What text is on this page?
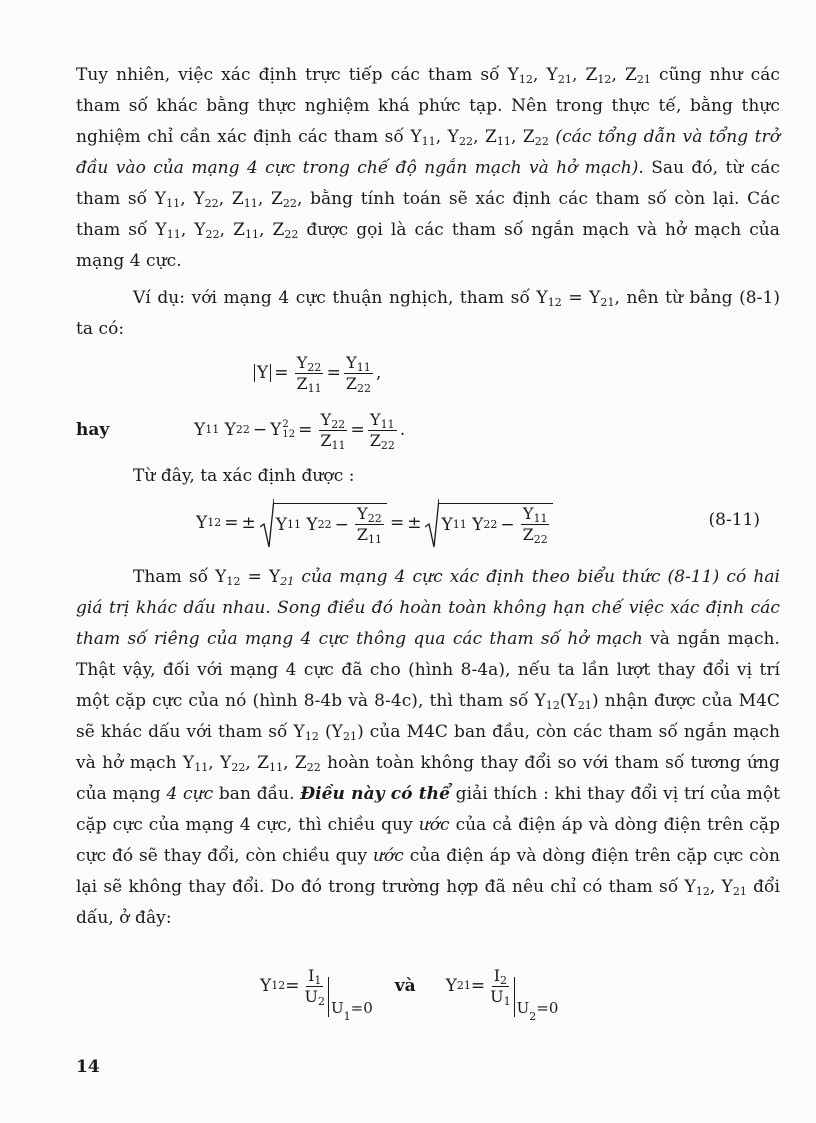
Tuy nhiên, việc xác định trực tiếp các tham số $Y_{12}$, $Y_{21}$, $Z_{12}$, $Z_{21}$ cũng như các tham số khác bằng thực nghiệm khá phức tạp. Nên trong thực tế, bằng thực nghiệm chỉ cần xác định các tham số $Y_{11}$, $Y_{22}$, $Z_{11}$, $Z_{22}$ (các tổng dẫn và tổng trở đầu vào của mạng 4 cực trong chế độ ngắn mạch và hở mạch). Sau đó, từ các tham số $Y_{11}$, $Y_{22}$, $Z_{11}$, $Z_{22}$, bằng tính toán sẽ xác định các tham số còn lại. Các tham số $Y_{11}$, $Y_{22}$, $Z_{11}$, $Z_{22}$ được gọi là các tham số ngắn mạch và hở mạch của mạng 4 cực.

Ví dụ: với mạng 4 cực thuận nghịch, tham số $Y_{12} = Y_{21}$, nên từ bảng (8-1) ta có:

$Y = \frac{Y_{22}}{Z_{11}} = \frac{Y_{11}}{Z_{22}}$ ,
hay	Y 11
Y 22 − Y 2
$12 = \frac{Y_{22}}{Z_{11}} = \frac{Y_{11}}{Z_{22}}$ .

Từ đây, ta xác định được :

Y 12 = ± Y 11
Y $22 - \frac{Y_{22}}{Z_{11}}$ = ± Y 11
Y $22 - \frac{Y_{11}}{Z_{22}}$	(8-11)

Tham số $Y_{12} = Y_{21}$ của mạng 4 cực xác định theo biểu thức (8-11) có hai giá trị khác dấu nhau. Song điều đó hoàn toàn không hạn chế việc xác định các tham số riêng của mạng 4 cực thông qua các tham số hở mạch và ngắn mạch. Thật vậy, đối với mạng 4 cực đã cho (hình 8-4a), nếu ta lần lượt thay đổi vị trí một cặp cực của nó (hình 8-4b và 8-4c), thì tham số $Y_{12}(Y_{21})$ nhận được của M4C sẽ khác dấu với tham số $Y_{12}$ $(Y_{21})$ của M4C ban đầu, còn các tham số ngắn mạch và hở mạch $Y_{11}$, $Y_{22}$, $Z_{11}$, $Z_{22}$ hoàn toàn không thay đổi so với tham số tương ứng của mạng 4 cực ban đầu. Điều này có thể giải thích : khi thay đổi vị trí của một cặp cực của mạng 4 cực, thì chiều quy ước của cả điện áp và dòng điện trên cặp cực đó sẽ thay đổi, còn chiều quy ước của điện áp và dòng điện trên cặp cực còn lại sẽ không thay đổi. Do đó trong trường hợp đã nêu chỉ có tham số $Y_{12}$, $Y_{21}$ đổi dấu, ở đây:

Y $12 = \frac{I_1}{U_2}$
U 1 = 0
và Y $21 = \frac{I_2}{U_1}$
U 2 = 0
14
